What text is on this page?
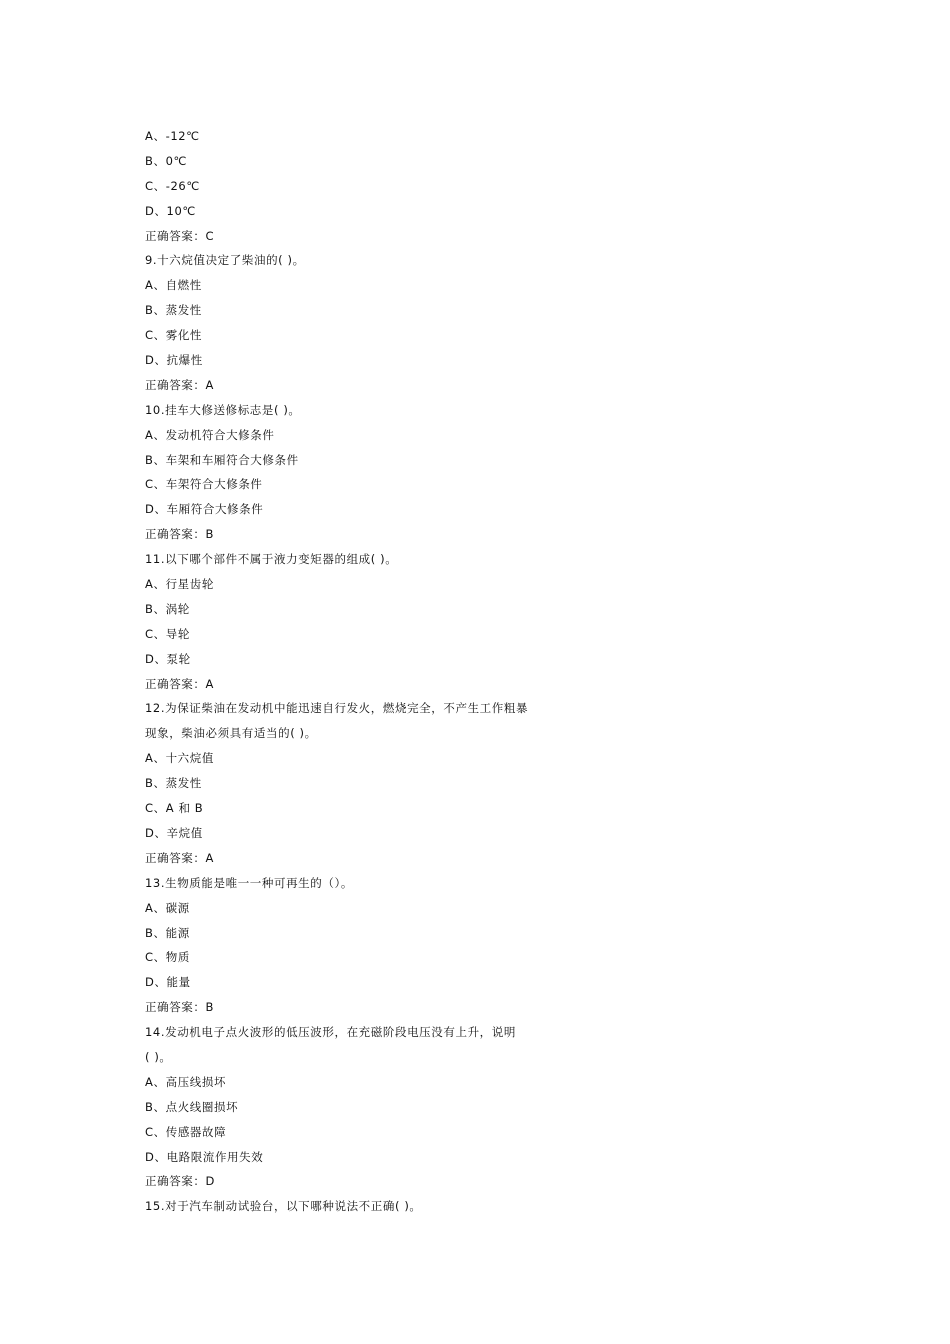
A、-12℃
B、0℃
C、-26℃
D、10℃
正确答案：C
9.十六烷值决定了柴油的( )。
A、自燃性
B、蒸发性
C、雾化性
D、抗爆性
正确答案：A
10.挂车大修送修标志是( )。
A、发动机符合大修条件
B、车架和车厢符合大修条件
C、车架符合大修条件
D、车厢符合大修条件
正确答案：B
11.以下哪个部件不属于液力变矩器的组成( )。
A、行星齿轮
B、涡轮
C、导轮
D、泵轮
正确答案：A
12.为保证柴油在发动机中能迅速自行发火，燃烧完全，不产生工作粗暴
现象，柴油必须具有适当的( )。
A、十六烷值
B、蒸发性
C、A 和 B
D、辛烷值
正确答案：A
13.生物质能是唯一一种可再生的（）。
A、碳源
B、能源
C、物质
D、能量
正确答案：B
14.发动机电子点火波形的低压波形，在充磁阶段电压没有上升，说明
( )。
A、高压线损坏
B、点火线圈损坏
C、传感器故障
D、电路限流作用失效
正确答案：D
15.对于汽车制动试验台，以下哪种说法不正确( )。
